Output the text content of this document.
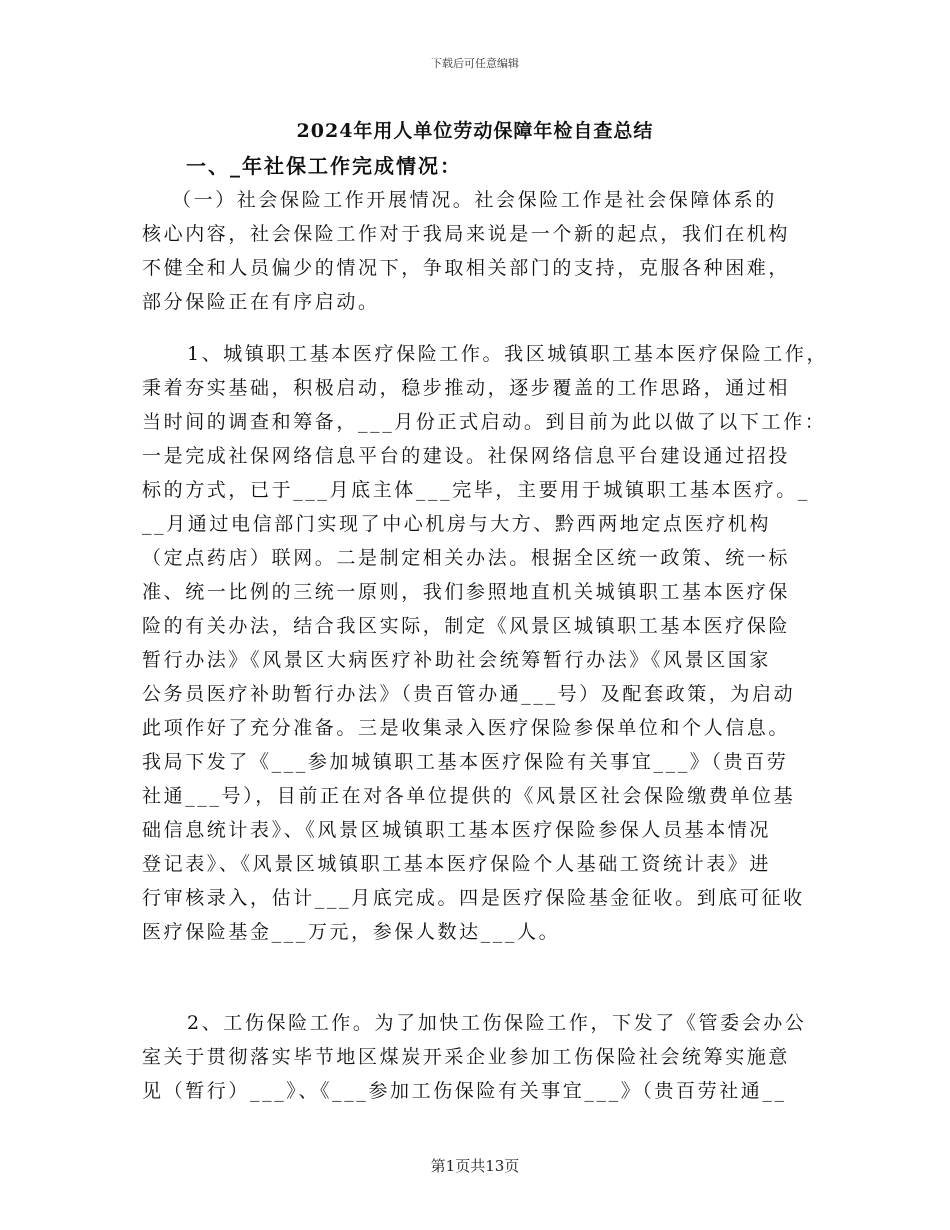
下载后可任意编辑
2024年用人单位劳动保障年检自查总结
一、_年社保工作完成情况：
（一）社会保险工作开展情况。社会保险工作是社会保障体系的
核心内容，社会保险工作对于我局来说是一个新的起点，我们在机构
不健全和人员偏少的情况下，争取相关部门的支持，克服各种困难，
部分保险正在有序启动。
1、城镇职工基本医疗保险工作。我区城镇职工基本医疗保险工作，
秉着夯实基础，积极启动，稳步推动，逐步覆盖的工作思路，通过相
当时间的调查和筹备，___月份正式启动。到目前为此以做了以下工作：
一是完成社保网络信息平台的建设。社保网络信息平台建设通过招投
标的方式，已于___月底主体___完毕，主要用于城镇职工基本医疗。_
__月通过电信部门实现了中心机房与大方、黔西两地定点医疗机构
（定点药店）联网。二是制定相关办法。根据全区统一政策、统一标
准、统一比例的三统一原则，我们参照地直机关城镇职工基本医疗保
险的有关办法，结合我区实际，制定《风景区城镇职工基本医疗保险
暂行办法》《风景区大病医疗补助社会统筹暂行办法》《风景区国家
公务员医疗补助暂行办法》（贵百管办通___号）及配套政策，为启动
此项作好了充分准备。三是收集录入医疗保险参保单位和个人信息。
我局下发了《___参加城镇职工基本医疗保险有关事宜___》（贵百劳
社通___号），目前正在对各单位提供的《风景区社会保险缴费单位基
础信息统计表》、《风景区城镇职工基本医疗保险参保人员基本情况
登记表》、《风景区城镇职工基本医疗保险个人基础工资统计表》进
行审核录入，估计___月底完成。四是医疗保险基金征收。到底可征收
医疗保险基金___万元，参保人数达___人。
2、工伤保险工作。为了加快工伤保险工作，下发了《管委会办公
室关于贯彻落实毕节地区煤炭开采企业参加工伤保险社会统筹实施意
见（暂行）___》、《___参加工伤保险有关事宜___》（贵百劳社通__
第1页共13页
